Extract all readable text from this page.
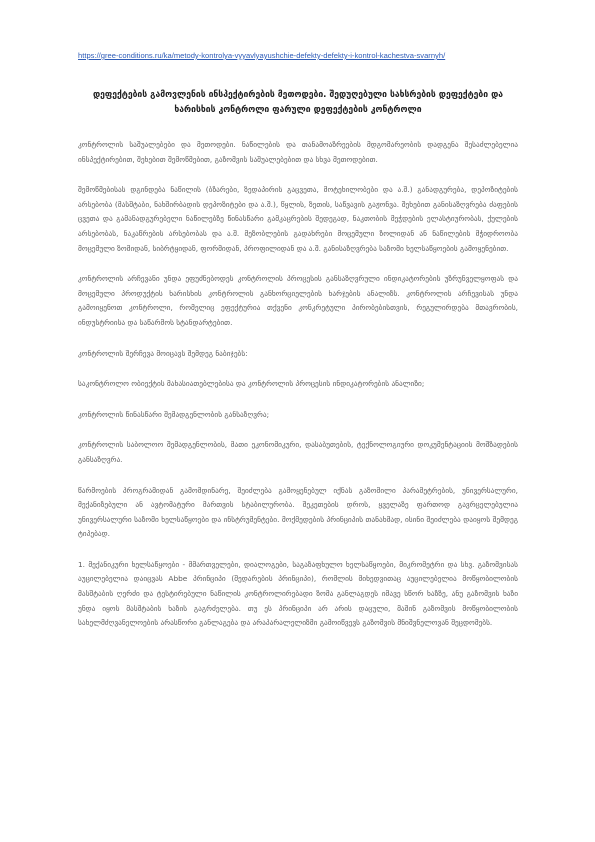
https://gree-conditions.ru/ka/metody-kontrolya-vyyavlyayushchie-defekty-defekty-i-kontrol-kachestva-svarnyh/
დეფექტების გამოვლენის ინსპექტირების მეთოდები. შედუღებული სახსრების დეფექტები და ხარისხის კონტროლი ფარული დეფექტების კონტროლი

კონტროლის საშუალებები და მეთოდები. ნაწილების და თანამოაზრეების მდგომარეობის დადგენა შესაძლებელია ინსპექტირებით, შეხებით შემოწმებით, გაზომვის საშუალებებით და სხვა მეთოდებით.

შემოწმებისას დგინდება ნაწილის (ბზარები, ზედაპირის გაცვეთა, მოტეხილობები და ა.შ.) განადგურება, დეპოზიტების არსებობა (მასშტაბი, ნახშირბადის დეპოზიტები და ა.შ.), წყლის, ზეთის, საწვავის გაჟონვა. შეხებით განისაზღვრება ძაფების ცვეთა და გამანადგურებელი ნაწილებზე წინასწარი გამკაცრების შედეგად, ნაკთობის მეჭდების ელასტიურობას, ქულების არსებობას, ნაკაწრების არსებობას და ა.შ. მეზობლების გადახრები მოცემული ზოლიდან ან ნაწილების მჭიდროობა მოცემული ზომიდან, სიბრტყიდან, ფორმიდან, პროფილიდან და ა.შ. განისაზღვრება საზომი ხელსაწყოების გამოყენებით.

კონტროლის არჩევანი უნდა ეფუძნებოდეს კონტროლის პროცესის განსაზღვრული ინდიკატორების უზრუნველყოფას და მოცემული პროდუქტის ხარისხის კონტროლის განხორციელების ხარჯების ანალიზს. კონტროლის არჩევისას უნდა გამოიყენოთ კონტროლი, რომელიც ეფექტურია თქვენი კონკრეტული პირობებისთვის, რეგულირდება მთავრობის, ინდუსტრიისა და საწარმოს სტანდარტებით.

კონტროლის შერჩევა მოიცავს შემდეგ ნაბიჯებს:

საკონტროლო ობიექტის მახასიათებლებისა და კონტროლის პროცესის ინდიკატორების ანალიზი;

კონტროლის წინასწარი შემადგენლობის განსაზღვრა;

კონტროლის საბოლოო შემადგენლობის, მათი ეკონომიკური, დასაბუთების, ტექნოლოგიური დოკუმენტაციის მოშზადების განსაზღვრა.

წარმოების პროგრამიდან გამომდინარე, შეიძლება გამოყენებულ იქნას გაზომილი პარამეტრების, უნივერსალური, მექანიზებული ან ავტომატური მართვის სტაბილურობა. შეკეთების დროს, ყველაზე ფართოდ გავრცელებულია უნივერსალური საზომი ხელსაწყოები და ინსტრუმენტები. მოქმედების პრინციპის თანახმად, ისინი შეიძლება დაიყოს შემდეგ ტიპებად.

1. მექანიკური ხელსაწყოები - მმართველები, დიალოგები, საგაზაფხულო ხელსაწყოები, მიკრომეტრი და სხვ. გაზომვისას აუცილებელია დაიცვას Abbe პრინციპი (შედარების პრინციპი), რომლის მიხედვითაც აუცილებელია მოწყობილობის მასშტაბის ღერძი და ტესტირებული ნაწილის კონტროლირებადი ზომა განლაგდეს იმავე სწორ ხაზზე, ანუ გაზომვის ხაზი უნდა იყოს მასშტაბის ხაზის გაგრძელება. თუ ეს პრინციპი არ არის დაცული, მაშინ გაზომვის მოწყობილობის სახელმძღვანელოების არასწორი განლაგება და არაპარალელიზმი გამოიწვევს გაზომვის მნიშვნელოვან შეცდომებს.
